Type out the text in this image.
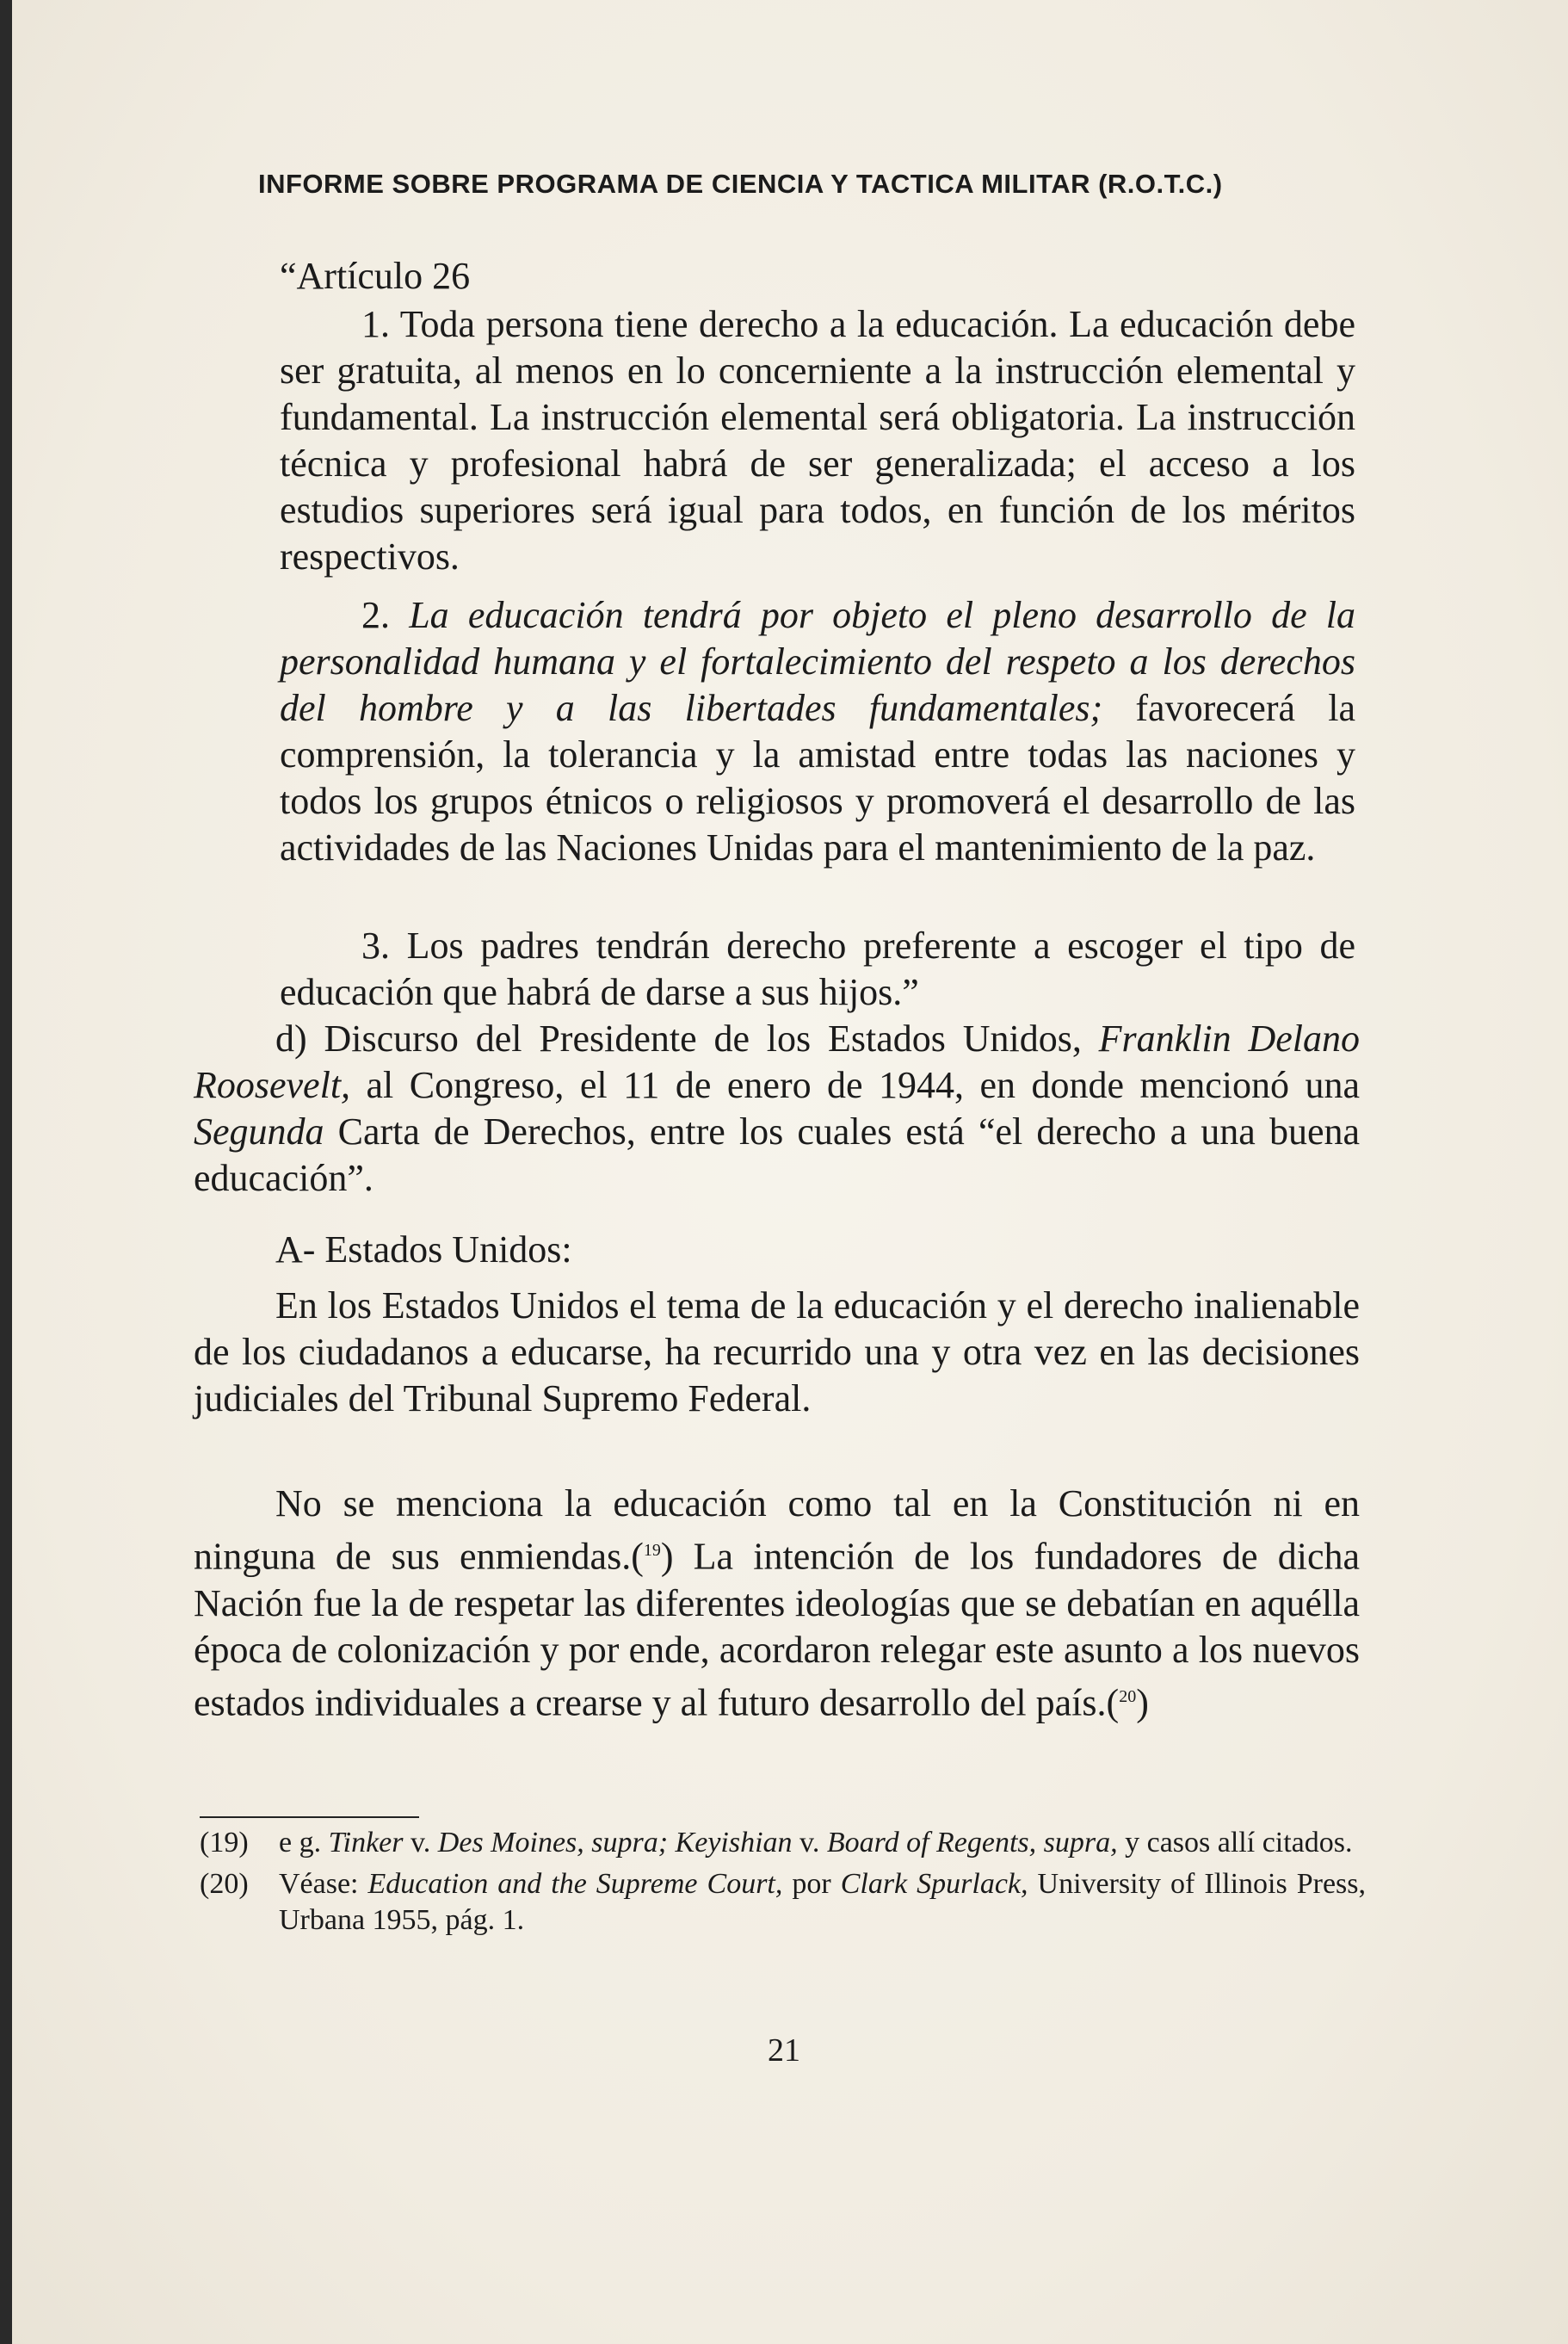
INFORME SOBRE PROGRAMA DE CIENCIA Y TACTICA MILITAR (R.O.T.C.)
“Artículo 26

1. Toda persona tiene derecho a la educación. La educación debe ser gratuita, al menos en lo concerniente a la instrucción elemental y fundamental. La instrucción elemental será obligatoria. La instrucción técnica y profesional habrá de ser generalizada; el acceso a los estudios superiores será igual para todos, en función de los méritos respectivos.

2. La educación tendrá por objeto el pleno desarrollo de la personalidad humana y el fortalecimiento del respeto a los derechos del hombre y a las libertades fundamentales; favorecerá la comprensión, la tolerancia y la amistad entre todas las naciones y todos los grupos étnicos o religiosos y promoverá el desarrollo de las actividades de las Naciones Unidas para el mantenimiento de la paz.

3. Los padres tendrán derecho preferente a escoger el tipo de educación que habrá de darse a sus hijos.”

d) Discurso del Presidente de los Estados Unidos, Franklin Delano Roosevelt, al Congreso, el 11 de enero de 1944, en donde mencionó una Segunda Carta de Derechos, entre los cuales está “el derecho a una buena educación”.

A- Estados Unidos:

En los Estados Unidos el tema de la educación y el derecho inalienable de los ciudadanos a educarse, ha recurrido una y otra vez en las decisiones judiciales del Tribunal Supremo Federal.

No se menciona la educación como tal en la Constitución ni en ninguna de sus enmiendas.($^{19}$) La intención de los fundadores de dicha Nación fue la de respetar las diferentes ideologías que se debatían en aquélla época de colonización y por ende, acordaron relegar este asunto a los nuevos estados individuales a crearse y al futuro desarrollo del país.($^{20}$)

(19)	e g. Tinker v. Des Moines, supra; Keyishian v. Board of Regents, supra, y casos allí citados.
(20)	Véase: Education and the Supreme Court, por Clark Spurlack, University of Illinois Press, Urbana 1955, pág. 1.
21
